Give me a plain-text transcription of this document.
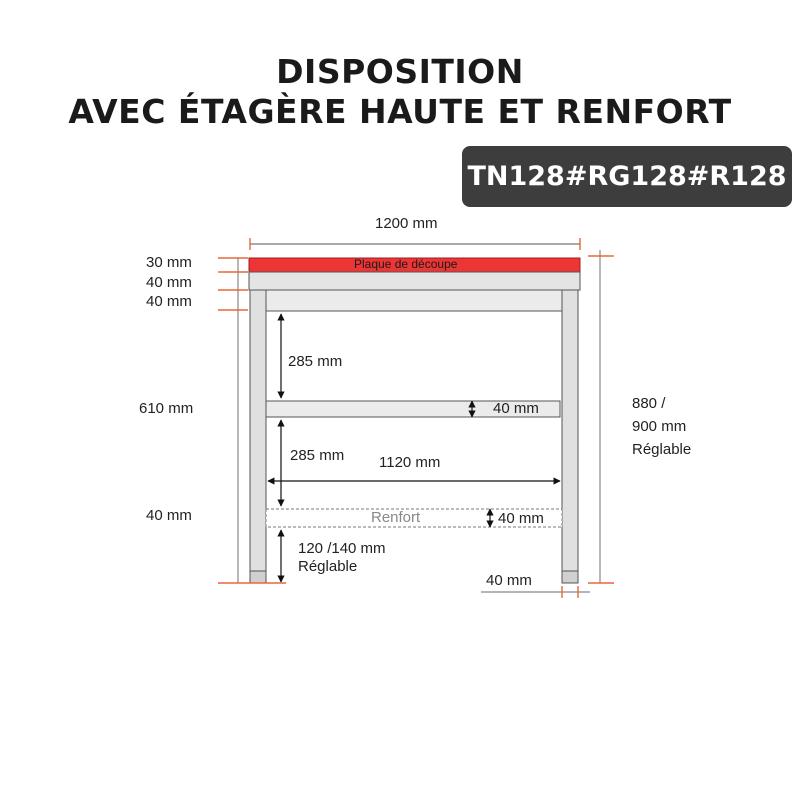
DISPOSITION
AVEC ÉTAGÈRE HAUTE ET RENFORT
TN128#RG128#R128
Plaque de découpe
1200 mm
30 mm
40 mm
40 mm
610 mm
285 mm
40 mm
285 mm 1120 mm
Renfort	40 mm
40 mm
120 /140 mm
Réglable
40 mm
880 /
900 mm
Réglable
